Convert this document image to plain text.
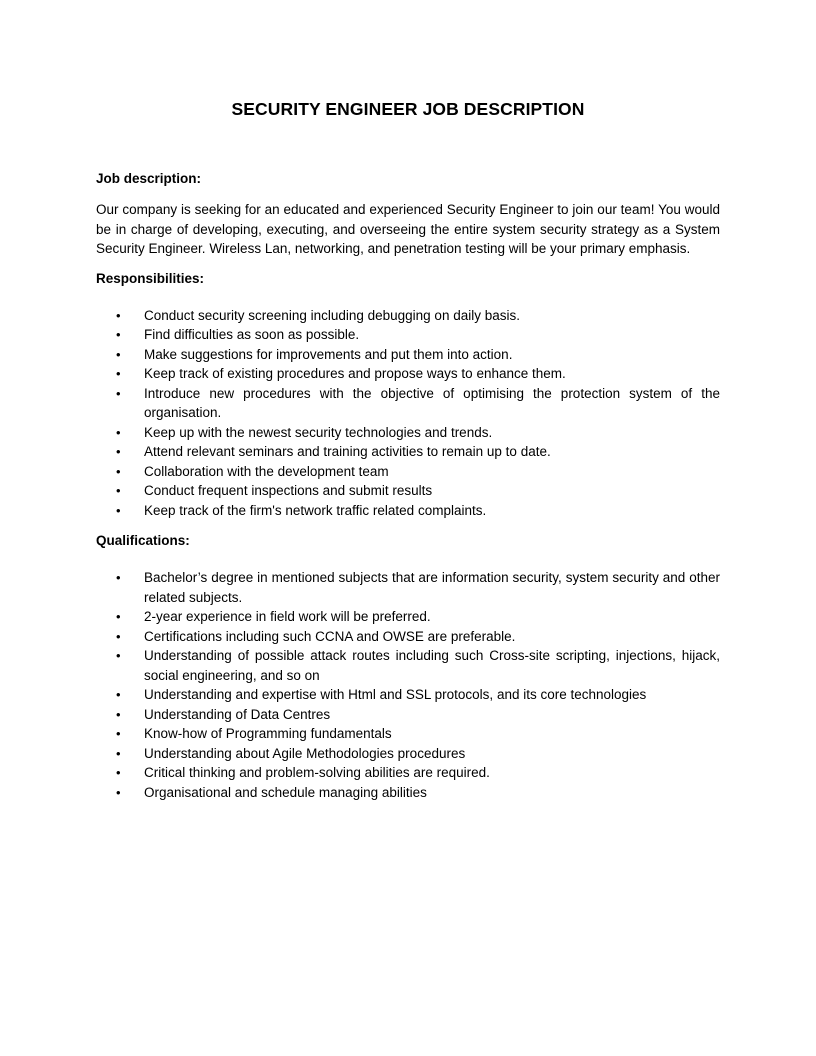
SECURITY ENGINEER JOB DESCRIPTION
Job description:

Our company is seeking for an educated and experienced Security Engineer to join our team! You would be in charge of developing, executing, and overseeing the entire system security strategy as a System Security Engineer. Wireless Lan, networking, and penetration testing will be your primary emphasis.

Responsibilities:
• Conduct security screening including debugging on daily basis.
• Find difficulties as soon as possible.
• Make suggestions for improvements and put them into action.
• Keep track of existing procedures and propose ways to enhance them.
• Introduce new procedures with the objective of optimising the protection system of the organisation.
• Keep up with the newest security technologies and trends.
• Attend relevant seminars and training activities to remain up to date.
• Collaboration with the development team
• Conduct frequent inspections and submit results
• Keep track of the firm's network traffic related complaints.
Qualifications:
• Bachelor’s degree in mentioned subjects that are information security, system security and other related subjects.
• 2-year experience in field work will be preferred.
• Certifications including such CCNA and OWSE are preferable.
• Understanding of possible attack routes including such Cross-site scripting, injections, hijack, social engineering, and so on
• Understanding and expertise with Html and SSL protocols, and its core technologies
• Understanding of Data Centres
• Know-how of Programming fundamentals
• Understanding about Agile Methodologies procedures
• Critical thinking and problem-solving abilities are required.
• Organisational and schedule managing abilities
